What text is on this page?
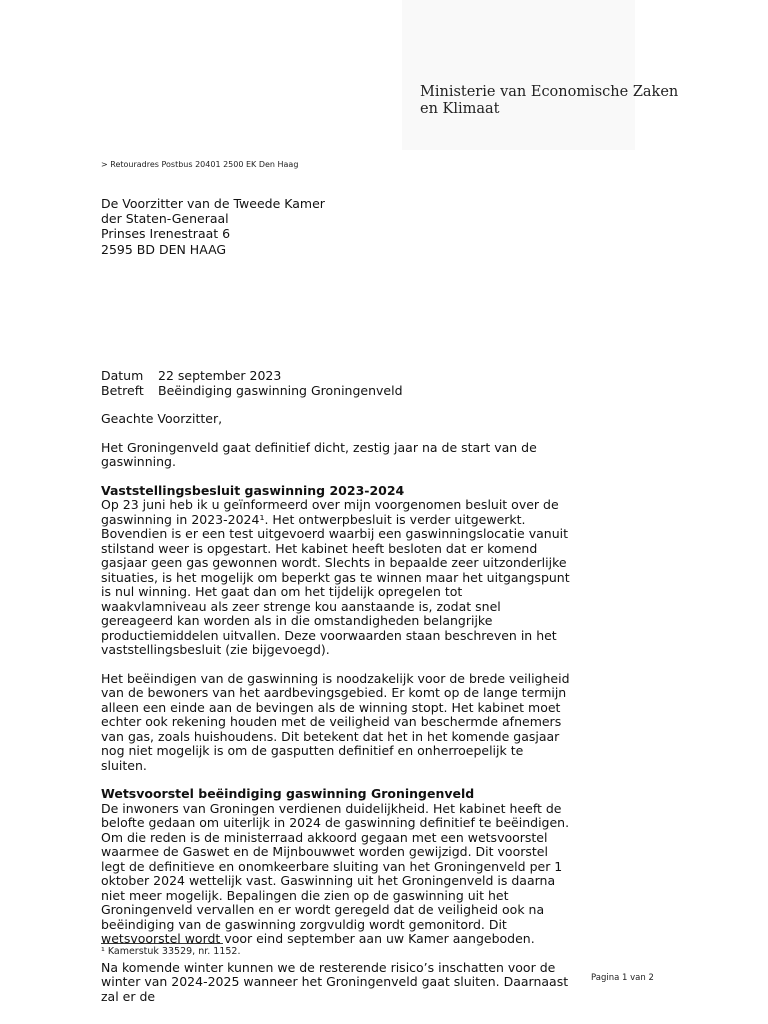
Ministerie van Economische Zaken
en Klimaat
> Retouradres Postbus 20401 2500 EK Den Haag
De Voorzitter van de Tweede Kamer
der Staten-Generaal
Prinses Irenestraat 6
2595 BD DEN HAAG
Datum	22 september 2023
Betreft	Beëindiging gaswinning Groningenveld

Geachte Voorzitter,

Het Groningenveld gaat definitief dicht, zestig jaar na de start van de gaswinning.

Vaststellingsbesluit gaswinning 2023-2024

Op 23 juni heb ik u geïnformeerd over mijn voorgenomen besluit over de gaswinning in 2023-2024¹. Het ontwerpbesluit is verder uitgewerkt. Bovendien is er een test uitgevoerd waarbij een gaswinningslocatie vanuit stilstand weer is opgestart. Het kabinet heeft besloten dat er komend gasjaar geen gas gewonnen wordt. Slechts in bepaalde zeer uitzonderlijke situaties, is het mogelijk om beperkt gas te winnen maar het uitgangspunt is nul winning. Het gaat dan om het tijdelijk opregelen tot waakvlamniveau als zeer strenge kou aanstaande is, zodat snel gereageerd kan worden als in die omstandigheden belangrijke productiemiddelen uitvallen. Deze voorwaarden staan beschreven in het vaststellingsbesluit (zie bijgevoegd).

Het beëindigen van de gaswinning is noodzakelijk voor de brede veiligheid van de bewoners van het aardbevingsgebied. Er komt op de lange termijn alleen een einde aan de bevingen als de winning stopt. Het kabinet moet echter ook rekening houden met de veiligheid van beschermde afnemers van gas, zoals huishoudens. Dit betekent dat het in het komende gasjaar nog niet mogelijk is om de gasputten definitief en onherroepelijk te sluiten.

Wetsvoorstel beëindiging gaswinning Groningenveld

De inwoners van Groningen verdienen duidelijkheid. Het kabinet heeft de belofte gedaan om uiterlijk in 2024 de gaswinning definitief te beëindigen. Om die reden is de ministerraad akkoord gegaan met een wetsvoorstel waarmee de Gaswet en de Mijnbouwwet worden gewijzigd. Dit voorstel legt de definitieve en onomkeerbare sluiting van het Groningenveld per 1 oktober 2024 wettelijk vast. Gaswinning uit het Groningenveld is daarna niet meer mogelijk. Bepalingen die zien op de gaswinning uit het Groningenveld vervallen en er wordt geregeld dat de veiligheid ook na beëindiging van de gaswinning zorgvuldig wordt gemonitord. Dit wetsvoorstel wordt voor eind september aan uw Kamer aangeboden.

Na komende winter kunnen we de resterende risico’s inschatten voor de winter van 2024-2025 wanneer het Groningenveld gaat sluiten. Daarnaast zal er de

¹ Kamerstuk 33529, nr. 1152.
Pagina 1 van 2
